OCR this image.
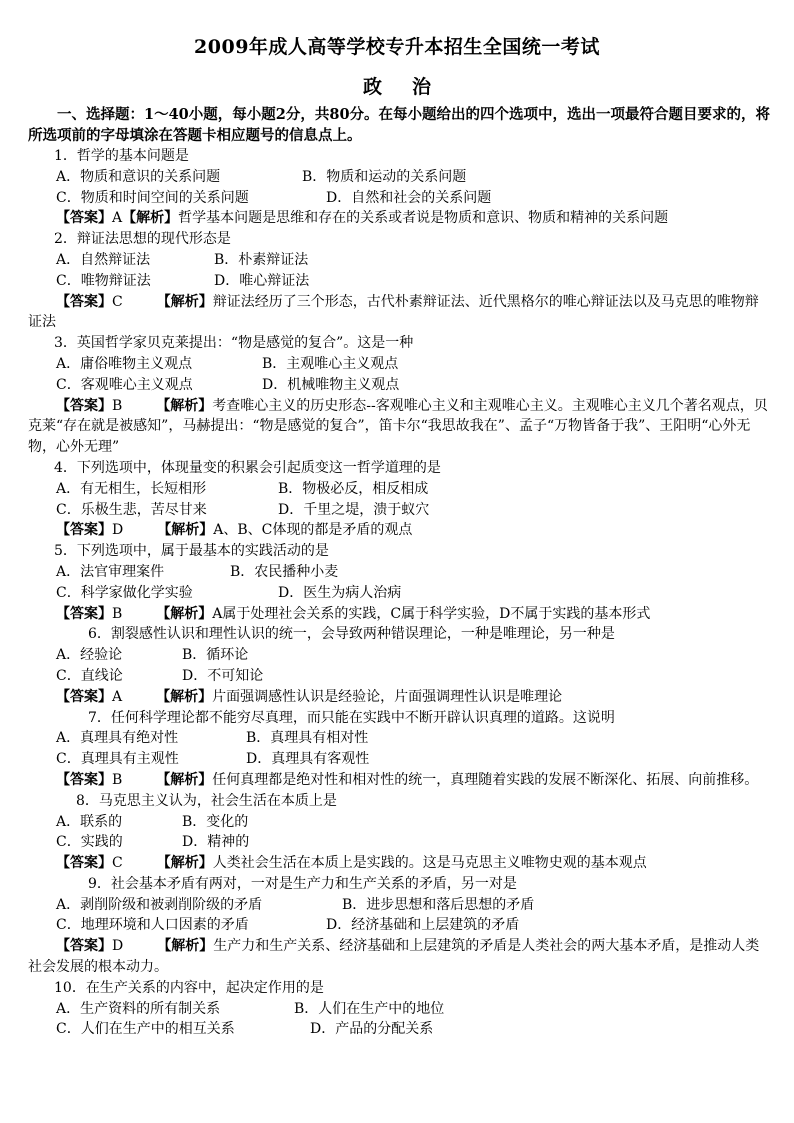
2009年成人高等学校专升本招生全国统一考试
政 治
一、选择题：1～40小题，每小题2分，共80分。在每小题给出的四个选项中，选出一项最符合题目要求的，将所选项前的字母填涂在答题卡相应题号的信息点上。
1．哲学的基本问题是
A．物质和意识的关系问题	B．物质和运动的关系问题
C．物质和时间空间的关系问题	D．自然和社会的关系问题
【答案】A【解析】哲学基本问题是思维和存在的关系或者说是物质和意识、物质和精神的关系问题
2．辩证法思想的现代形态是
A．自然辩证法	B．朴素辩证法
C．唯物辩证法	D．唯心辩证法
【答案】C 【解析】辩证法经历了三个形态，古代朴素辩证法、近代黑格尔的唯心辩证法以及马克思的唯物辩证法
3．英国哲学家贝克莱提出：“物是感觉的复合”。这是一种
A．庸俗唯物主义观点	B．主观唯心主义观点
C．客观唯心主义观点	D．机械唯物主义观点
【答案】B 【解析】考查唯心主义的历史形态--客观唯心主义和主观唯心主义。主观唯心主义几个著名观点，贝克莱“存在就是被感知”，马赫提出：“物是感觉的复合”，笛卡尔“我思故我在”、孟子“万物皆备于我”、王阳明“心外无物，心外无理”
4．下列选项中，体现量变的积累会引起质变这一哲学道理的是
A．有无相生，长短相形	B．物极必反，相反相成
C．乐极生悲，苦尽甘来	D．千里之堤，溃于蚁穴
【答案】D 【解析】A、B、C体现的都是矛盾的观点
5．下列选项中，属于最基本的实践活动的是
A．法官审理案件	B．农民播种小麦
C．科学家做化学实验	D．医生为病人治病
【答案】B 【解析】A属于处理社会关系的实践，C属于科学实验，D不属于实践的基本形式
6．割裂感性认识和理性认识的统一，会导致两种错误理论，一种是唯理论，另一种是
A．经验论	B．循环论
C．直线论	D．不可知论
【答案】A 【解析】片面强调感性认识是经验论，片面强调理性认识是唯理论
7．任何科学理论都不能穷尽真理，而只能在实践中不断开辟认识真理的道路。这说明
A．真理具有绝对性	B．真理具有相对性
C．真理具有主观性	D．真理具有客观性
【答案】B 【解析】任何真理都是绝对性和相对性的统一，真理随着实践的发展不断深化、拓展、向前推移。
8．马克思主义认为，社会生活在本质上是
A．联系的	B．变化的
C．实践的	D．精神的
【答案】C 【解析】人类社会生活在本质上是实践的。这是马克思主义唯物史观的基本观点
9．社会基本矛盾有两对，一对是生产力和生产关系的矛盾，另一对是
A．剥削阶级和被剥削阶级的矛盾	B．进步思想和落后思想的矛盾
C．地理环境和人口因素的矛盾	D．经济基础和上层建筑的矛盾
【答案】D 【解析】生产力和生产关系、经济基础和上层建筑的矛盾是人类社会的两大基本矛盾，是推动人类社会发展的根本动力。
10．在生产关系的内容中，起决定作用的是
A．生产资料的所有制关系	B．人们在生产中的地位
C．人们在生产中的相互关系	D．产品的分配关系
